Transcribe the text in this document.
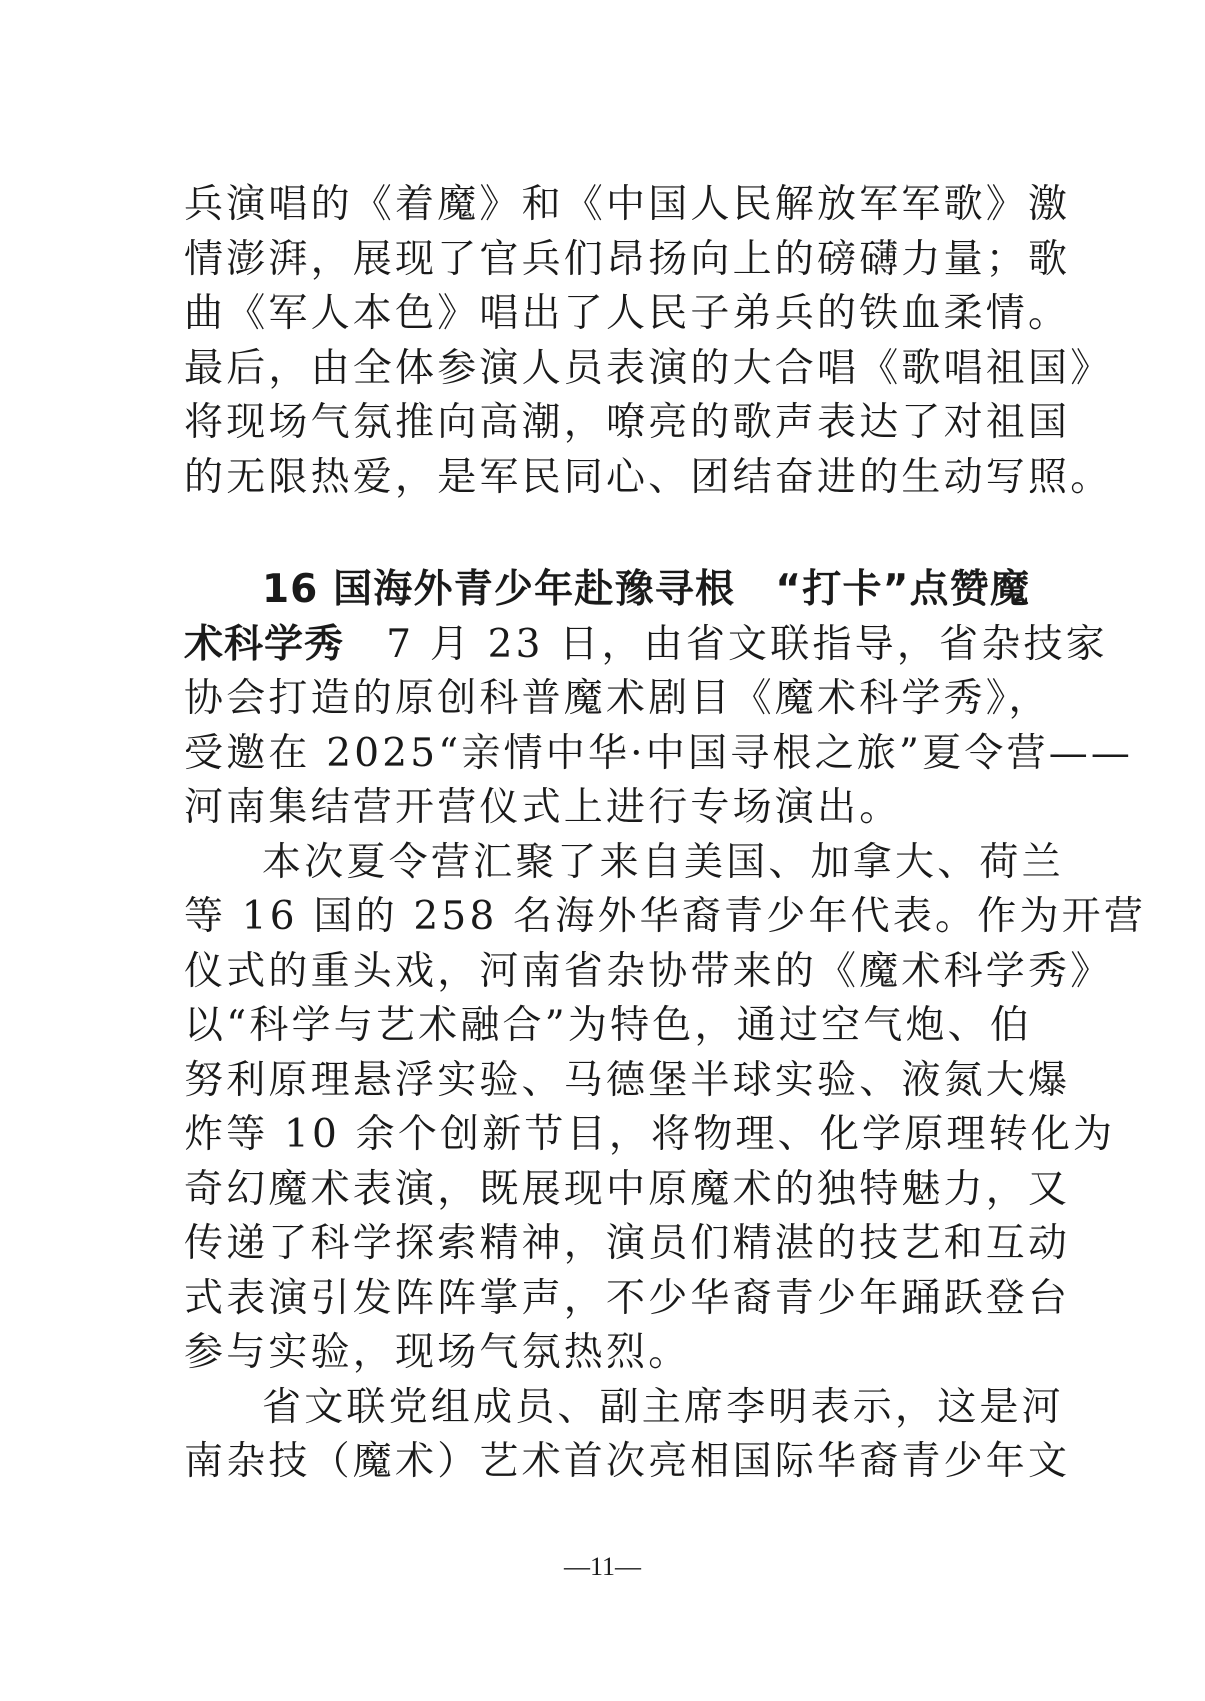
兵演唱的《着魔》和《中国人民解放军军歌》激
情澎湃，展现了官兵们昂扬向上的磅礴力量；歌
曲《军人本色》唱出了人民子弟兵的铁血柔情。
最后，由全体参演人员表演的大合唱《歌唱祖国》
将现场气氛推向高潮，嘹亮的歌声表达了对祖国
的无限热爱，是军民同心、团结奋进的生动写照。
16 国海外青少年赴豫寻根　“打卡”点赞魔
术科学秀　7 月 23 日，由省文联指导，省杂技家
协会打造的原创科普魔术剧目《魔术科学秀》，
受邀在 2025“亲情中华·中国寻根之旅”夏令营——
河南集结营开营仪式上进行专场演出。
本次夏令营汇聚了来自美国、加拿大、荷兰
等 16 国的 258 名海外华裔青少年代表。作为开营
仪式的重头戏，河南省杂协带来的《魔术科学秀》
以“科学与艺术融合”为特色，通过空气炮、伯
努利原理悬浮实验、马德堡半球实验、液氮大爆
炸等 10 余个创新节目，将物理、化学原理转化为
奇幻魔术表演，既展现中原魔术的独特魅力，又
传递了科学探索精神，演员们精湛的技艺和互动
式表演引发阵阵掌声，不少华裔青少年踊跃登台
参与实验，现场气氛热烈。
省文联党组成员、副主席李明表示，这是河
南杂技（魔术）艺术首次亮相国际华裔青少年文
—11—
